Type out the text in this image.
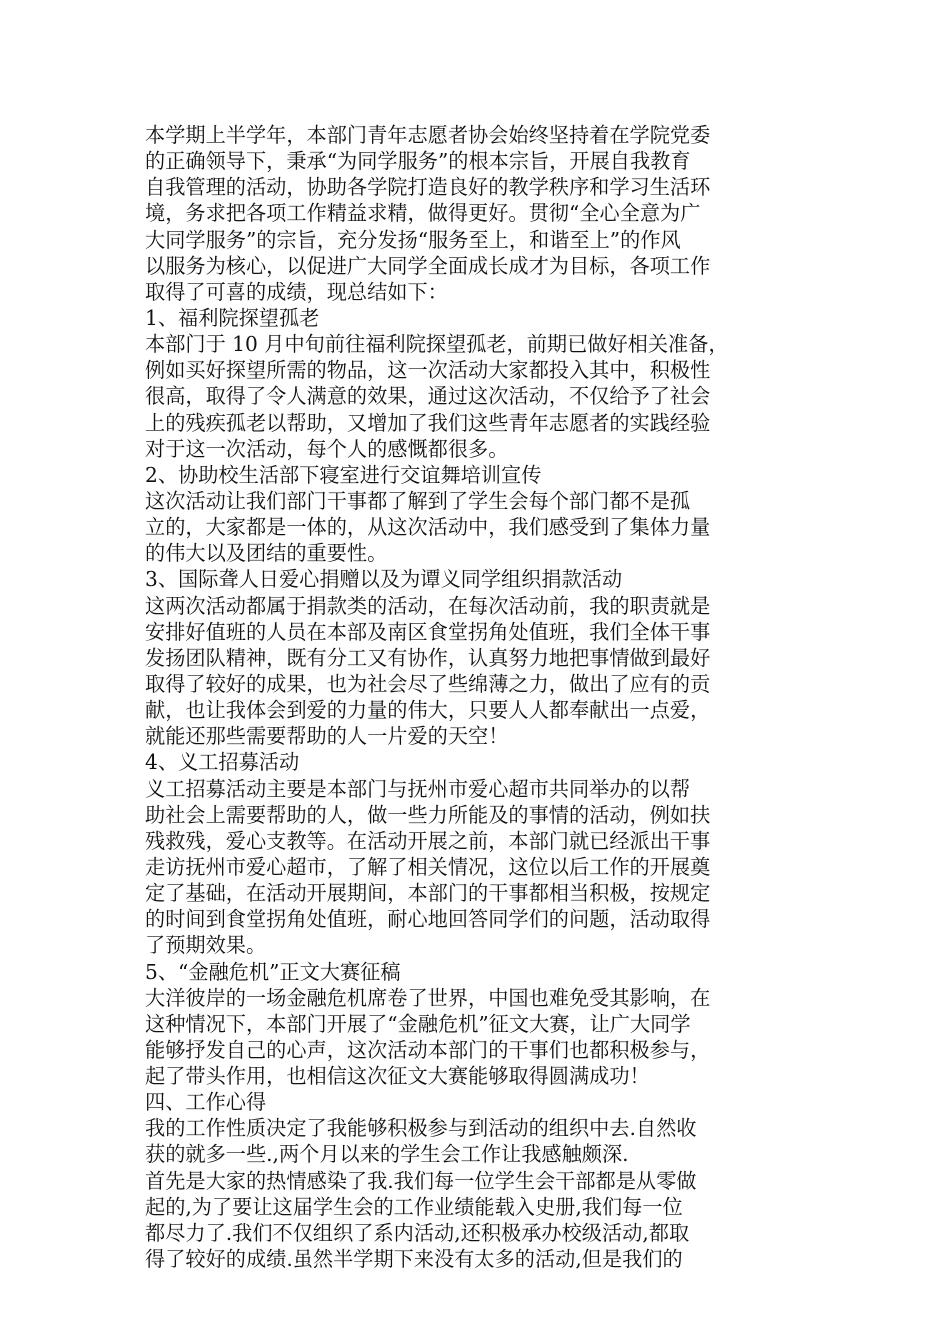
本学期上半学年，本部门青年志愿者协会始终坚持着在学院党委
的正确领导下，秉承“为同学服务”的根本宗旨，开展自我教育
自我管理的活动，协助各学院打造良好的教学秩序和学习生活环
境，务求把各项工作精益求精，做得更好。贯彻“全心全意为广
大同学服务”的宗旨，充分发扬“服务至上，和谐至上”的作风
以服务为核心，以促进广大同学全面成长成才为目标，各项工作
取得了可喜的成绩，现总结如下：
1、福利院探望孤老
本部门于 10 月中旬前往福利院探望孤老，前期已做好相关准备，
例如买好探望所需的物品，这一次活动大家都投入其中，积极性
很高，取得了令人满意的效果，通过这次活动，不仅给予了社会
上的残疾孤老以帮助，又增加了我们这些青年志愿者的实践经验
对于这一次活动，每个人的感慨都很多。
2、协助校生活部下寝室进行交谊舞培训宣传
这次活动让我们部门干事都了解到了学生会每个部门都不是孤
立的，大家都是一体的，从这次活动中，我们感受到了集体力量
的伟大以及团结的重要性。
3、国际聋人日爱心捐赠以及为谭义同学组织捐款活动
这两次活动都属于捐款类的活动，在每次活动前，我的职责就是
安排好值班的人员在本部及南区食堂拐角处值班，我们全体干事
发扬团队精神，既有分工又有协作，认真努力地把事情做到最好
取得了较好的成果，也为社会尽了些绵薄之力，做出了应有的贡
献，也让我体会到爱的力量的伟大，只要人人都奉献出一点爱，
就能还那些需要帮助的人一片爱的天空！
4、义工招募活动
义工招募活动主要是本部门与抚州市爱心超市共同举办的以帮
助社会上需要帮助的人，做一些力所能及的事情的活动，例如扶
残救残，爱心支教等。在活动开展之前，本部门就已经派出干事
走访抚州市爱心超市，了解了相关情况，这位以后工作的开展奠
定了基础，在活动开展期间，本部门的干事都相当积极，按规定
的时间到食堂拐角处值班，耐心地回答同学们的问题，活动取得
了预期效果。
5、“金融危机”正文大赛征稿
大洋彼岸的一场金融危机席卷了世界，中国也难免受其影响，在
这种情况下，本部门开展了“金融危机”征文大赛，让广大同学
能够抒发自己的心声，这次活动本部门的干事们也都积极参与，
起了带头作用，也相信这次征文大赛能够取得圆满成功！
四、工作心得
我的工作性质决定了我能够积极参与到活动的组织中去.自然收
获的就多一些.,两个月以来的学生会工作让我感触颇深.
首先是大家的热情感染了我.我们每一位学生会干部都是从零做
起的,为了要让这届学生会的工作业绩能载入史册,我们每一位
都尽力了.我们不仅组织了系内活动,还积极承办校级活动,都取
得了较好的成绩.虽然半学期下来没有太多的活动,但是我们的
